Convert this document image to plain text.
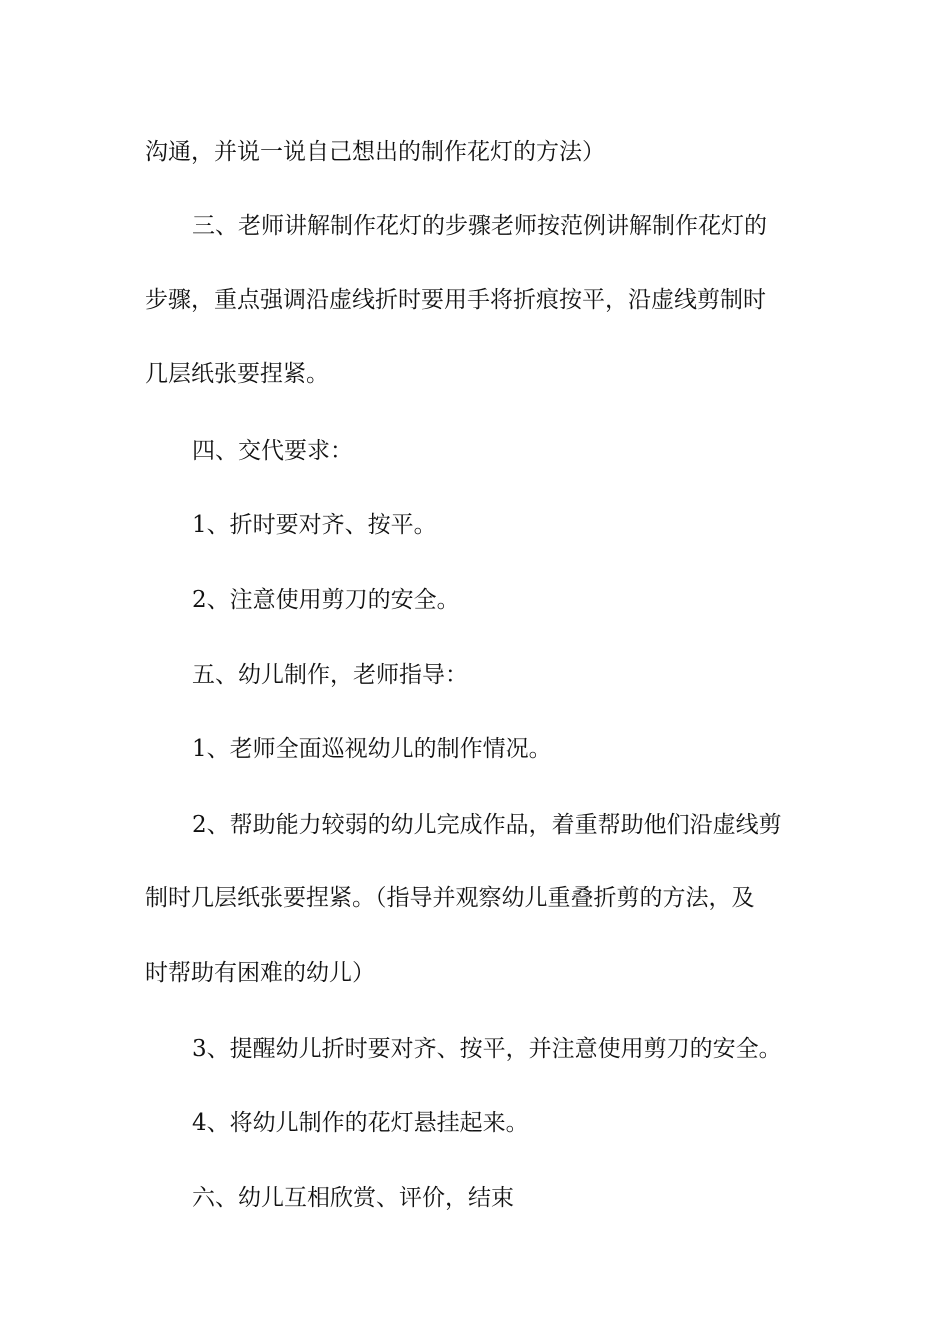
沟通，并说一说自己想出的制作花灯的方法）
三、老师讲解制作花灯的步骤老师按范例讲解制作花灯的
步骤，重点强调沿虚线折时要用手将折痕按平，沿虚线剪制时
几层纸张要捏紧。
四、交代要求：
1、折时要对齐、按平。
2、注意使用剪刀的安全。
五、幼儿制作，老师指导：
1、老师全面巡视幼儿的制作情况。
2、帮助能力较弱的幼儿完成作品，着重帮助他们沿虚线剪
制时几层纸张要捏紧。（指导并观察幼儿重叠折剪的方法，及
时帮助有困难的幼儿）
3、提醒幼儿折时要对齐、按平，并注意使用剪刀的安全。
4、将幼儿制作的花灯悬挂起来。
六、幼儿互相欣赏、评价，结束
